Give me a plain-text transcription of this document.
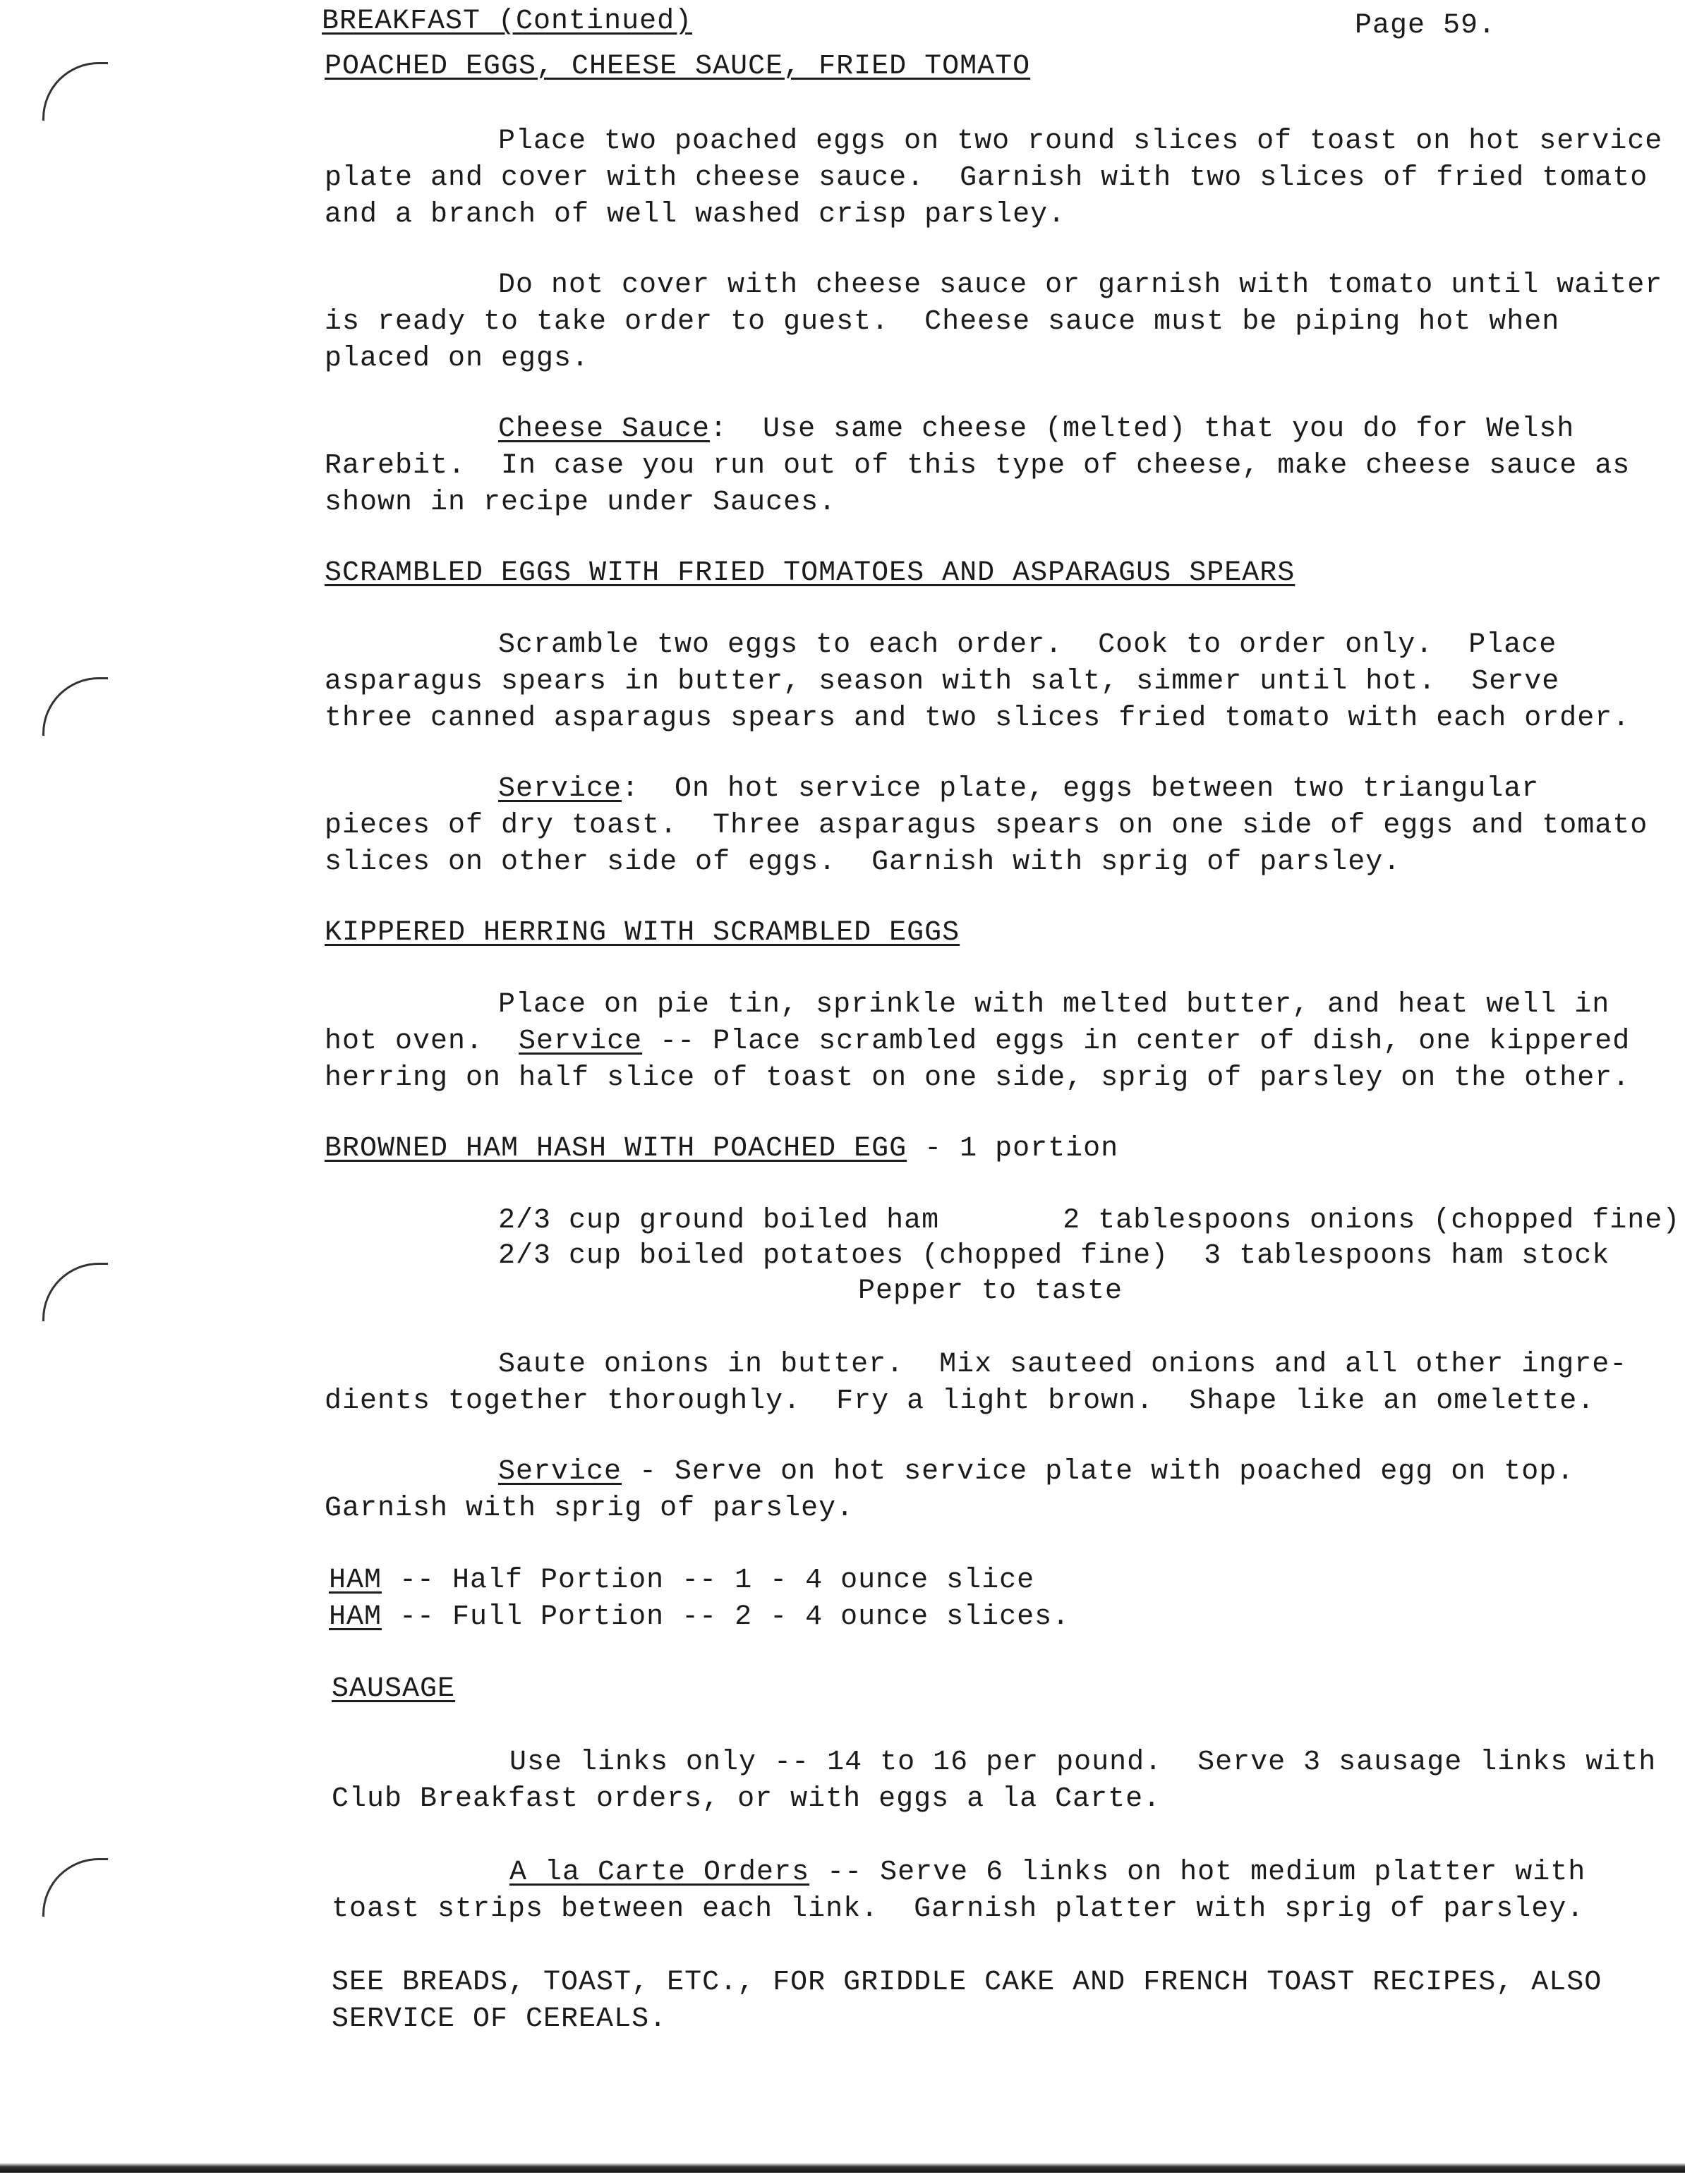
BREAKFAST (Continued)	Page 59.

POACHED EGGS, CHEESE SAUCE, FRIED TOMATO

Place two poached eggs on two round slices of toast on hot service

plate and cover with cheese sauce.  Garnish with two slices of fried tomato

and a branch of well washed crisp parsley.

Do not cover with cheese sauce or garnish with tomato until waiter

is ready to take order to guest.  Cheese sauce must be piping hot when

placed on eggs.

Cheese Sauce:  Use same cheese (melted) that you do for Welsh

Rarebit.  In case you run out of this type of cheese, make cheese sauce as

shown in recipe under Sauces.

SCRAMBLED EGGS WITH FRIED TOMATOES AND ASPARAGUS SPEARS

Scramble two eggs to each order.  Cook to order only.  Place

asparagus spears in butter, season with salt, simmer until hot.  Serve

three canned asparagus spears and two slices fried tomato with each order.

Service:  On hot service plate, eggs between two triangular

pieces of dry toast.  Three asparagus spears on one side of eggs and tomato

slices on other side of eggs.  Garnish with sprig of parsley.

KIPPERED HERRING WITH SCRAMBLED EGGS

Place on pie tin, sprinkle with melted butter, and heat well in

hot oven.  Service -- Place scrambled eggs in center of dish, one kippered

herring on half slice of toast on one side, sprig of parsley on the other.

BROWNED HAM HASH WITH POACHED EGG - 1 portion

2/3 cup ground boiled ham       2 tablespoons onions (chopped fine)

2/3 cup boiled potatoes (chopped fine)  3 tablespoons ham stock

Pepper to taste

Saute onions in butter.  Mix sauteed onions and all other ingre-

dients together thoroughly.  Fry a light brown.  Shape like an omelette.

Service - Serve on hot service plate with poached egg on top.

Garnish with sprig of parsley.

HAM -- Half Portion -- 1 - 4 ounce slice

HAM -- Full Portion -- 2 - 4 ounce slices.

SAUSAGE

Use links only -- 14 to 16 per pound.  Serve 3 sausage links with

Club Breakfast orders, or with eggs a la Carte.

A la Carte Orders -- Serve 6 links on hot medium platter with

toast strips between each link.  Garnish platter with sprig of parsley.

SEE BREADS, TOAST, ETC., FOR GRIDDLE CAKE AND FRENCH TOAST RECIPES, ALSO

SERVICE OF CEREALS.
